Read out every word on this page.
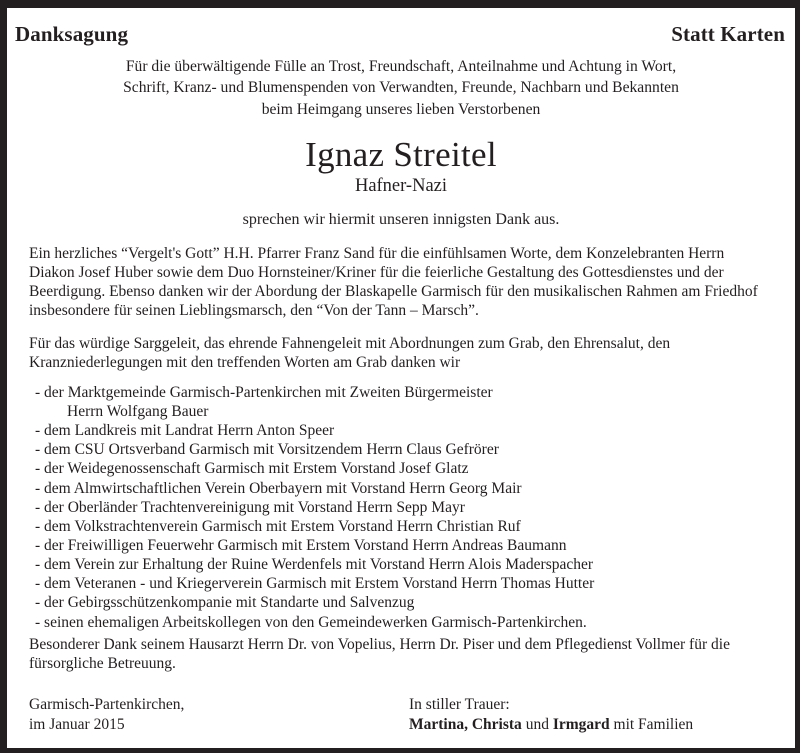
Danksagung	Statt Karten
Für die überwältigende Fülle an Trost, Freundschaft, Anteilnahme und Achtung in Wort,
Schrift, Kranz- und Blumenspenden von Verwandten, Freunde, Nachbarn und Bekannten
beim Heimgang unseres lieben Verstorbenen
Ignaz Streitel
Hafner-Nazi
sprechen wir hiermit unseren innigsten Dank aus.
Ein herzliches “Vergelt's Gott” H.H. Pfarrer Franz Sand für die einfühlsamen Worte, dem Konzelebranten Herrn Diakon Josef Huber sowie dem Duo Hornsteiner/Kriner für die feierliche Gestaltung des Gottesdienstes und der Beerdigung. Ebenso danken wir der Abordung der Blaskapelle Garmisch für den musikalischen Rahmen am Friedhof insbesondere für seinen Lieblingsmarsch, den “Von der Tann – Marsch”.
Für das würdige Sarggeleit, das ehrende Fahnengeleit mit Abordnungen zum Grab, den Ehrensalut, den Kranzniederlegungen mit den treffenden Worten am Grab danken wir
- der Marktgemeinde Garmisch-Partenkirchen mit Zweiten Bürgermeister
Herrn Wolfgang Bauer
- dem Landkreis mit Landrat Herrn Anton Speer
- dem CSU Ortsverband Garmisch mit Vorsitzendem Herrn Claus Gefrörer
- der Weidegenossenschaft Garmisch mit Erstem Vorstand Josef Glatz
- dem Almwirtschaftlichen Verein Oberbayern mit Vorstand Herrn Georg Mair
- der Oberländer Trachtenvereinigung mit Vorstand Herrn Sepp Mayr
- dem Volkstrachtenverein Garmisch mit Erstem Vorstand Herrn Christian Ruf
- der Freiwilligen Feuerwehr Garmisch mit Erstem Vorstand Herrn Andreas Baumann
- dem Verein zur Erhaltung der Ruine Werdenfels mit Vorstand Herrn Alois Maderspacher
- dem Veteranen - und Kriegerverein Garmisch mit Erstem Vorstand Herrn Thomas Hutter
- der Gebirgsschützenkompanie mit Standarte und Salvenzug
- seinen ehemaligen Arbeitskollegen von den Gemeindewerken Garmisch-Partenkirchen.
Besonderer Dank seinem Hausarzt Herrn Dr. von Vopelius, Herrn Dr. Piser und dem Pflegedienst Vollmer für die fürsorgliche Betreuung.
Garmisch-Partenkirchen,
im Januar 2015
In stiller Trauer:
Martina, Christa und Irmgard mit Familien
